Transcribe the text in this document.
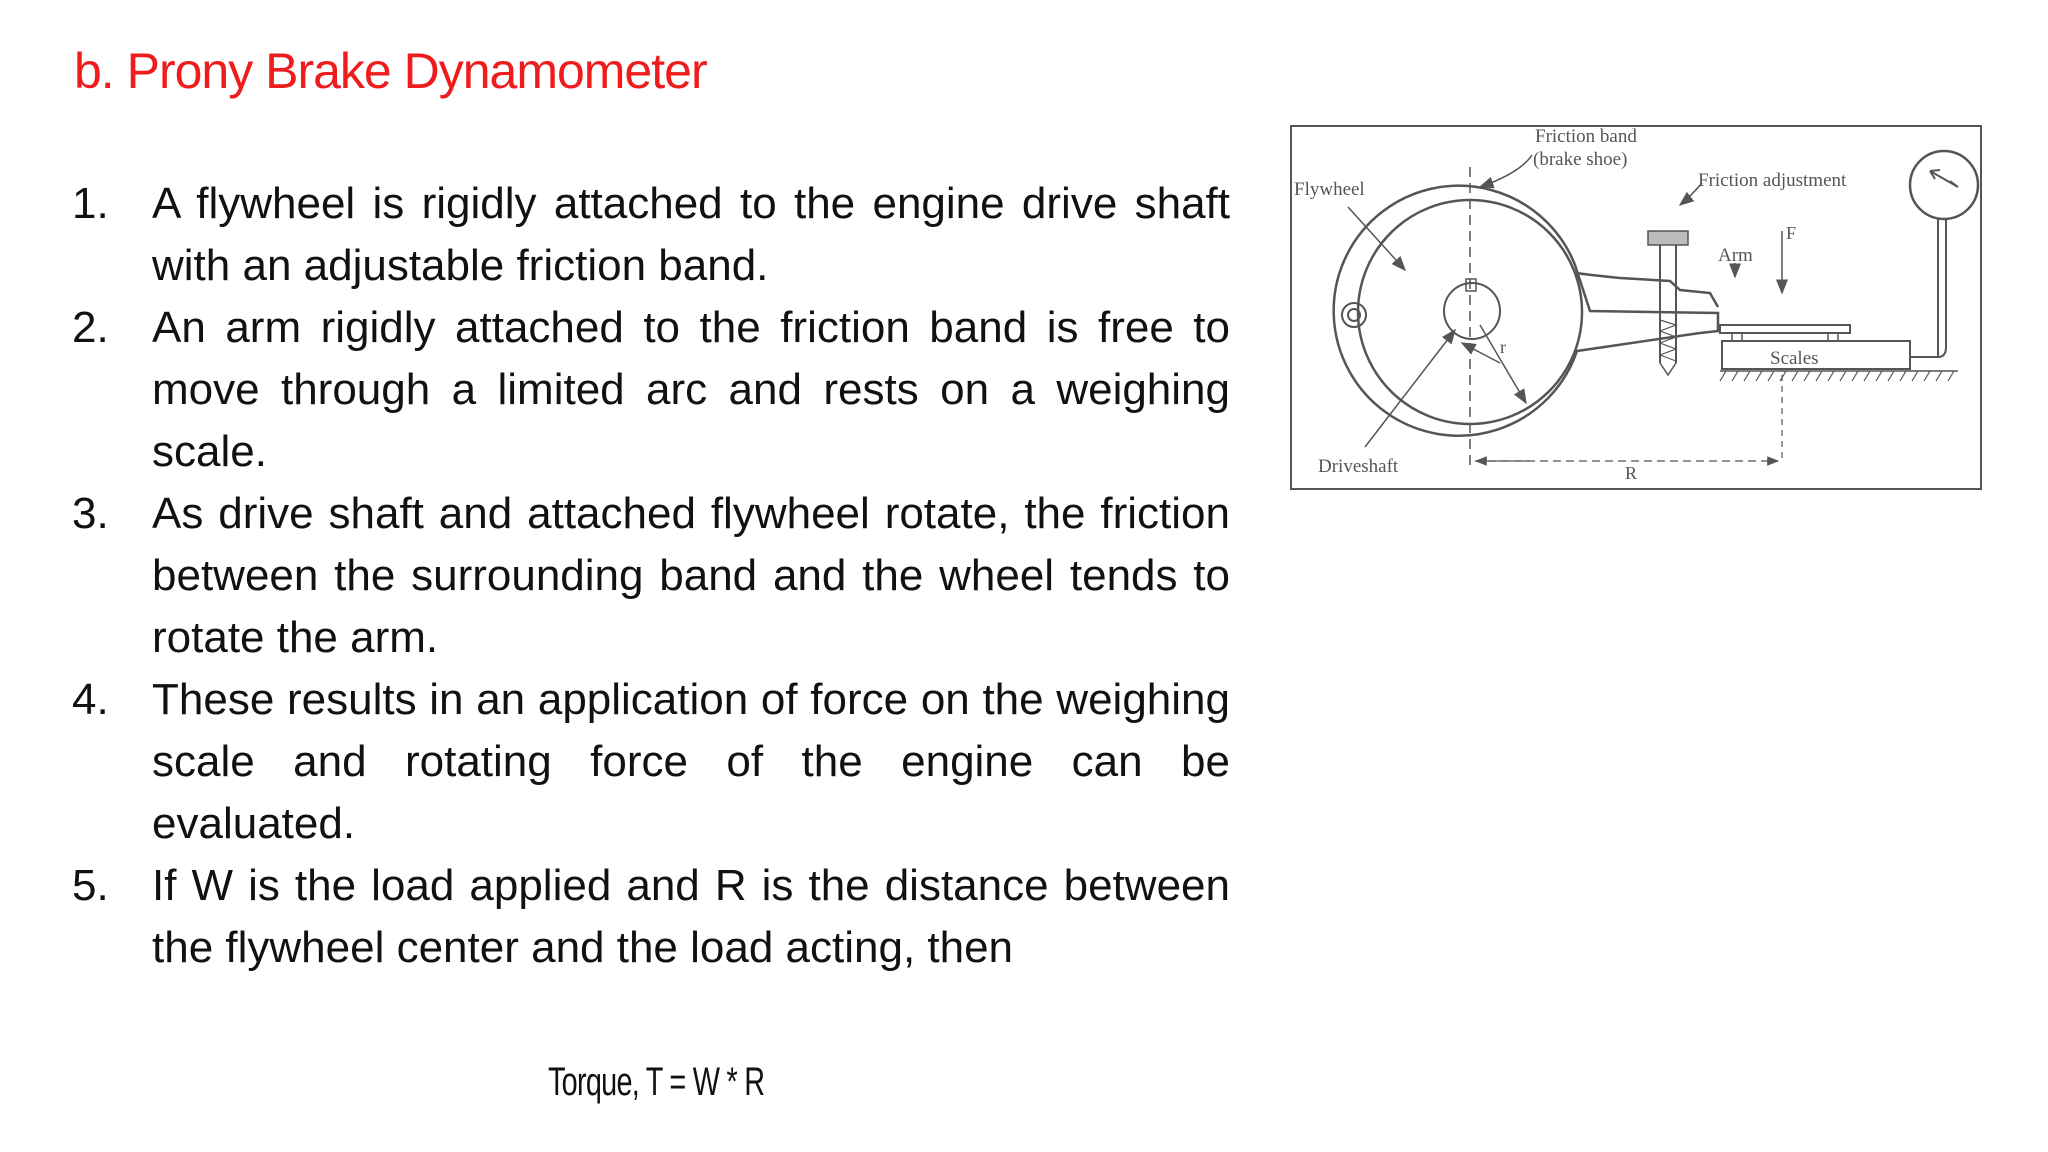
b. Prony Brake Dynamometer
1. A flywheel is rigidly attached to the engine drive shaft with an adjustable friction band.
2. An arm rigidly attached to the friction band is free to move through a limited arc and rests on a weighing scale.
3. As drive shaft and attached flywheel rotate, the friction between the surrounding band and the wheel tends to rotate the arm.
4. These results in an application of force on the weighing scale and rotating force of the engine can be evaluated.
5. If W is the load applied and R is the distance between the flywheel center and the load acting, then
Torque, T = W * R
Friction band
(brake shoe)
Friction adjustment
Flywheel
Arm
F
r
Scales
Driveshaft	R
